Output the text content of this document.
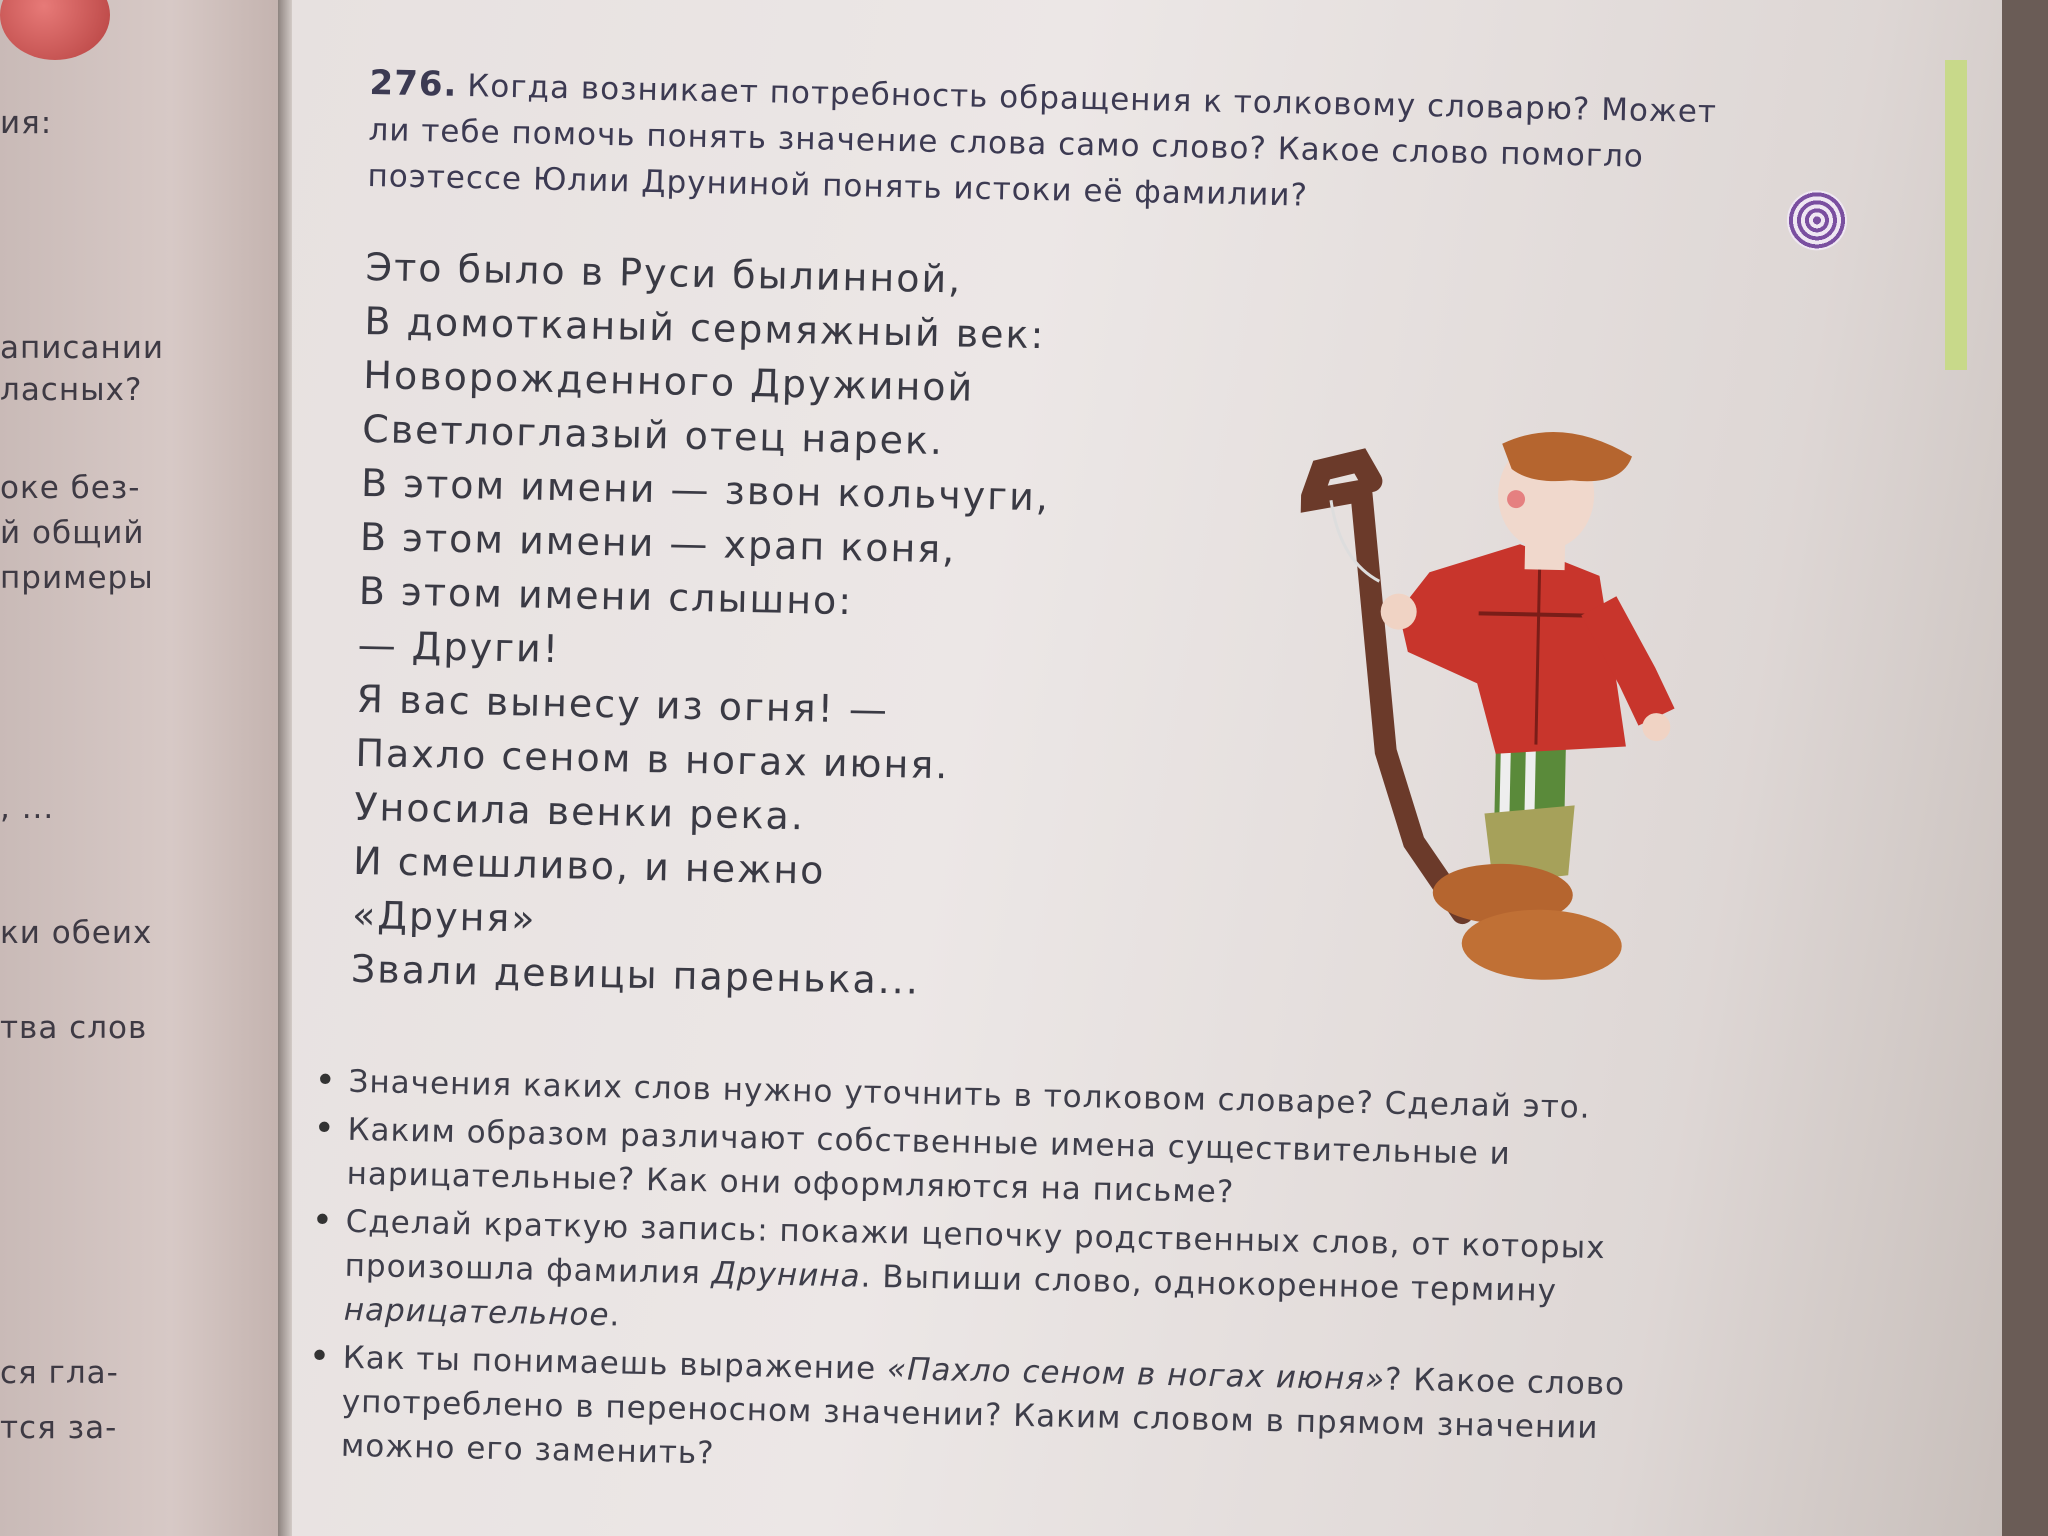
ия:
аписании
ласных?
оке без-
й общий
примеры
, ...
ки обеих
тва слов
ся гла-
тся за-
276. Когда возникает потребность обращения к толковому словарю? Может ли тебе помочь понять значение слова само слово? Какое слово помогло поэтессе Юлии Друниной понять истоки её фамилии?
Это было в Руси былинной,
В домотканый сермяжный век:
Новорожденного Дружиной
Светлоглазый отец нарек.
В этом имени — звон кольчуги,
В этом имени — храп коня,
В этом имени слышно:
— Други!
Я вас вынесу из огня! —
Пахло сеном в ногах июня.
Уносила венки река.
И смешливо, и нежно
«Друня»
Звали девицы паренька...
• Значения каких слов нужно уточнить в толковом словаре? Сделай это.
• Каким образом различают собственные имена существительные и нарицательные? Как они оформляются на письме?
• Сделай краткую запись: покажи цепочку родственных слов, от которых произошла фамилия Друнина. Выпиши слово, однокоренное термину нарицательное.
• Как ты понимаешь выражение «Пахло сеном в ногах июня»? Какое слово употреблено в переносном значении? Каким словом в прямом значении можно его заменить?
